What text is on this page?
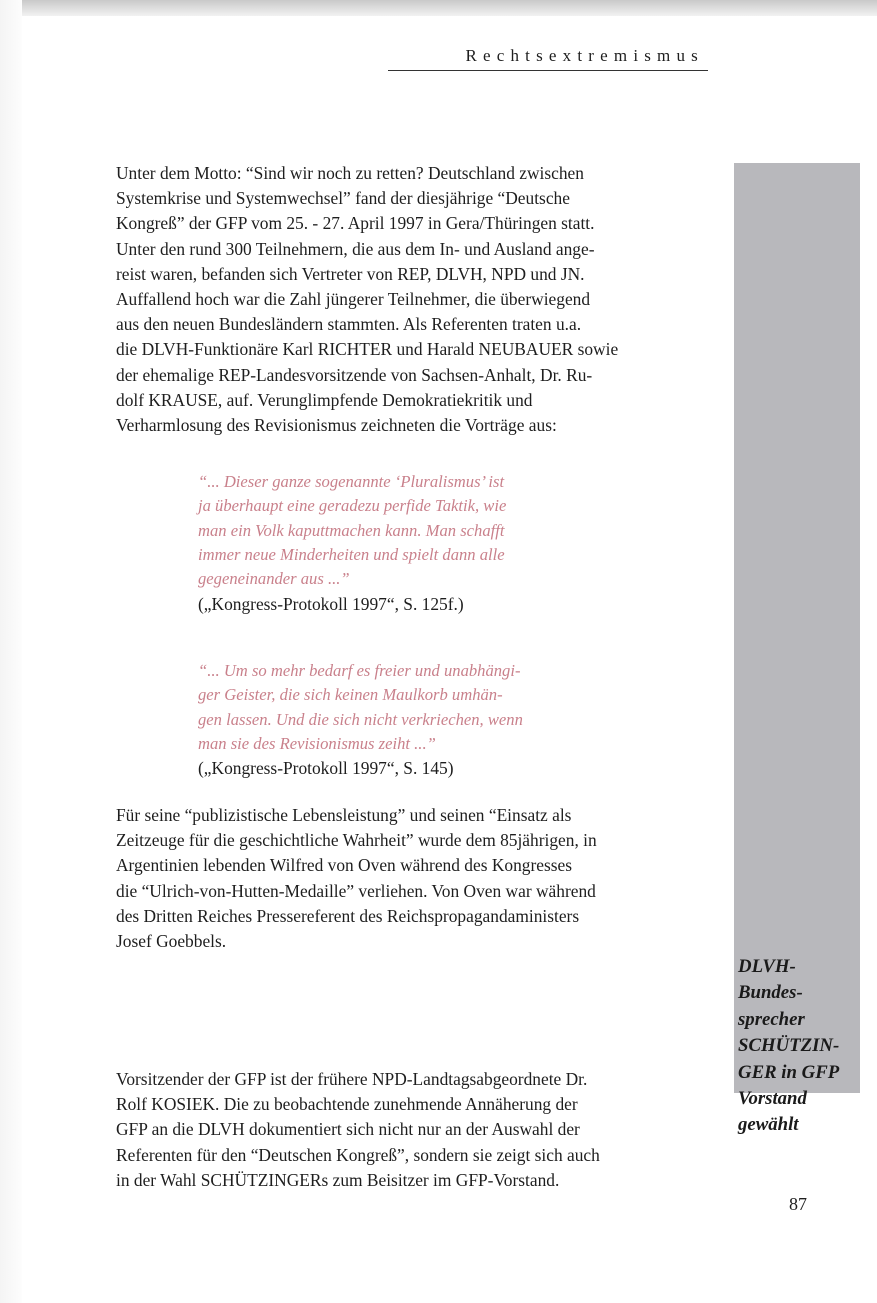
Rechtsextremismus
Unter dem Motto: “Sind wir noch zu retten? Deutschland zwischen
Systemkrise und Systemwechsel” fand der diesjährige “Deutsche
Kongreß” der GFP vom 25. - 27. April 1997 in Gera/Thüringen statt.
Unter den rund 300 Teilnehmern, die aus dem In- und Ausland ange-
reist waren, befanden sich Vertreter von REP, DLVH, NPD und JN.
Auffallend hoch war die Zahl jüngerer Teilnehmer, die überwiegend
aus den neuen Bundesländern stammten. Als Referenten traten u.a.
die DLVH-Funktionäre Karl RICHTER und Harald NEUBAUER sowie
der ehemalige REP-Landesvorsitzende von Sachsen-Anhalt, Dr. Ru-
dolf KRAUSE, auf. Verunglimpfende Demokratiekritik und
Verharmlosung des Revisionismus zeichneten die Vorträge aus:
“... Dieser ganze sogenannte ‘Pluralismus’ ist
ja überhaupt eine geradezu perfide Taktik, wie
man ein Volk kaputtmachen kann. Man schafft
immer neue Minderheiten und spielt dann alle
gegeneinander aus ...”
(„Kongress-Protokoll 1997“, S. 125f.)
“... Um so mehr bedarf es freier und unabhängi-
ger Geister, die sich keinen Maulkorb umhän-
gen lassen. Und die sich nicht verkriechen, wenn
man sie des Revisionismus zeiht ...”
(„Kongress-Protokoll 1997“, S. 145)
Für seine “publizistische Lebensleistung” und seinen “Einsatz als
Zeitzeuge für die geschichtliche Wahrheit” wurde dem 85jährigen, in
Argentinien lebenden Wilfred von Oven während des Kongresses
die “Ulrich-von-Hutten-Medaille” verliehen. Von Oven war während
des Dritten Reiches Pressereferent des Reichspropagandaministers
Josef Goebbels.
Vorsitzender der GFP ist der frühere NPD-Landtagsabgeordnete Dr.
Rolf KOSIEK. Die zu beobachtende zunehmende Annäherung der
GFP an die DLVH dokumentiert sich nicht nur an der Auswahl der
Referenten für den “Deutschen Kongreß”, sondern sie zeigt sich auch
in der Wahl SCHÜTZINGERs zum Beisitzer im GFP-Vorstand.
DLVH-
Bundes-
sprecher
SCHÜTZIN-
GER in GFP
Vorstand
gewählt
87
